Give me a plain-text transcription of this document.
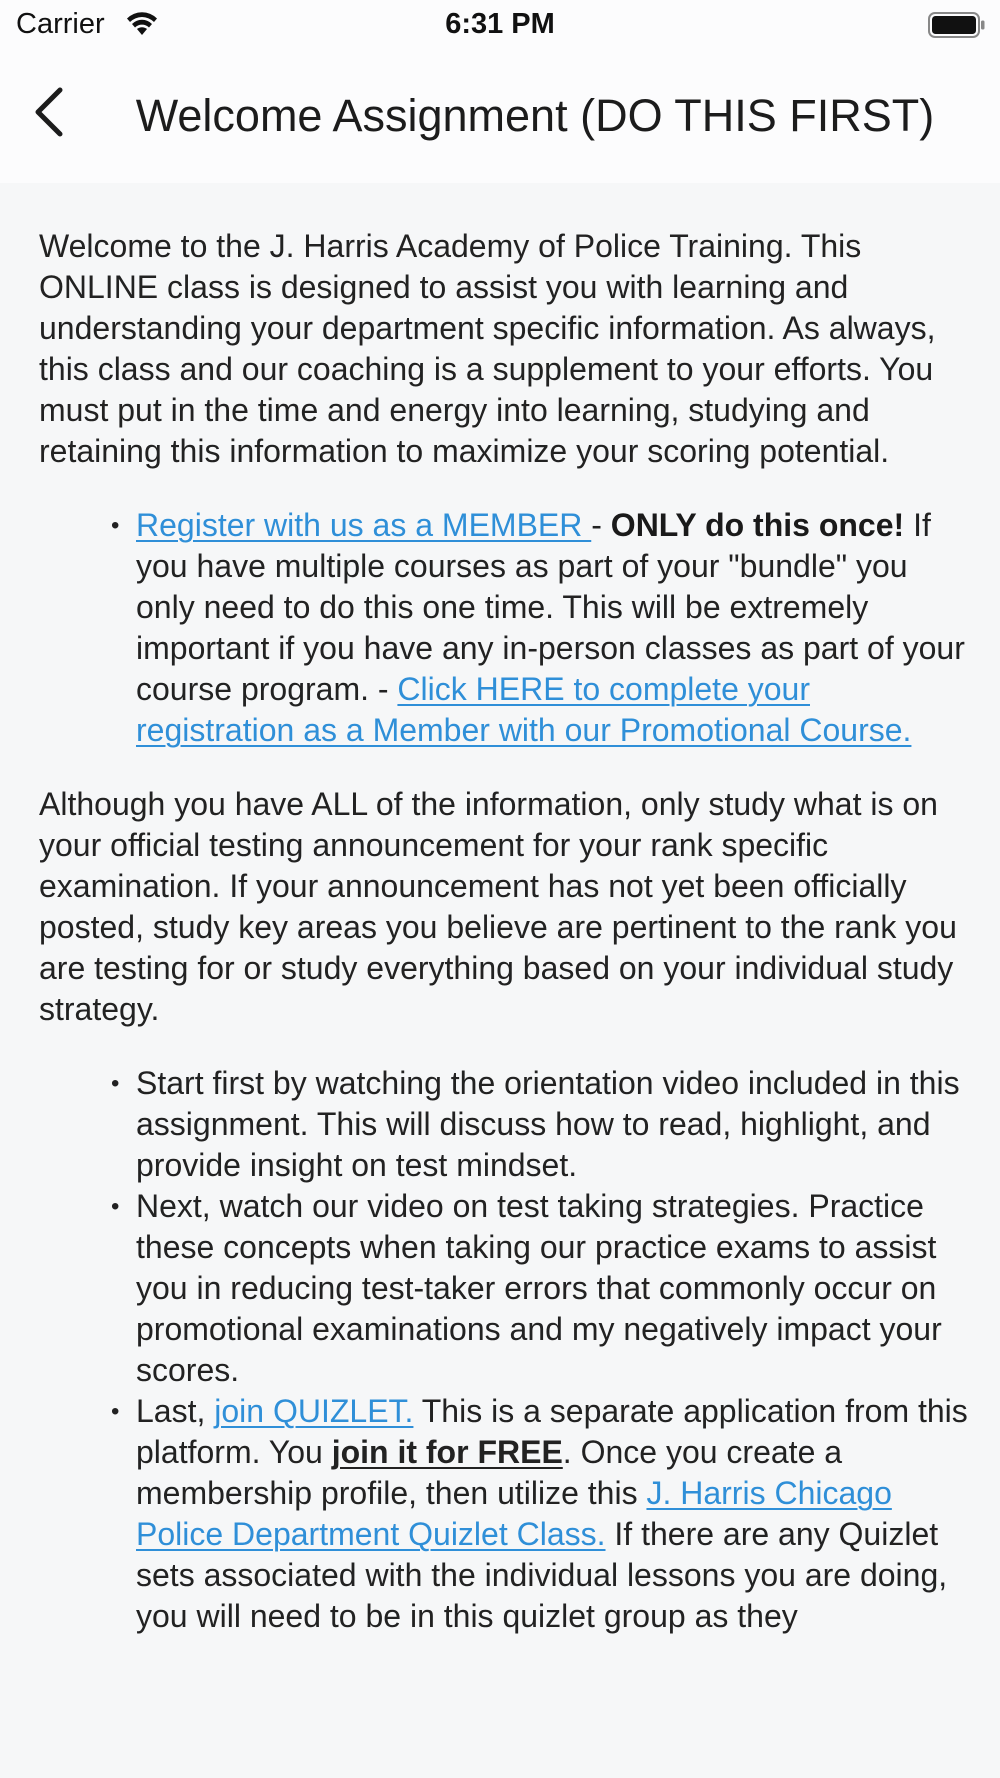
Carrier	6:31 PM
Welcome Assignment (DO THIS FIRST)

Welcome to the J. Harris Academy of Police Training. This ONLINE class is designed to assist you with learning and understanding your department specific information. As always, this class and our coaching is a supplement to your efforts. You must put in the time and energy into learning, studying and retaining this information to maximize your scoring potential.

• Register with us as a MEMBER - ONLY do this once! If you have multiple courses as part of your "bundle" you only need to do this one time. This will be extremely important if you have any in-person classes as part of your course program. - Click HERE to complete your registration as a Member with our Promotional Course.

Although you have ALL of the information, only study what is on your official testing announcement for your rank specific examination. If your announcement has not yet been officially posted, study key areas you believe are pertinent to the rank you are testing for or study everything based on your individual study strategy.

• Start first by watching the orientation video included in this assignment. This will discuss how to read, highlight, and provide insight on test mindset.
• Next, watch our video on test taking strategies. Practice these concepts when taking our practice exams to assist you in reducing test-taker errors that commonly occur on promotional examinations and my negatively impact your scores.
• Last, join QUIZLET. This is a separate application from this platform. You join it for FREE. Once you create a membership profile, then utilize this J. Harris Chicago Police Department Quizlet Class. If there are any Quizlet sets associated with the individual lessons you are doing, you will need to be in this quizlet group as they
